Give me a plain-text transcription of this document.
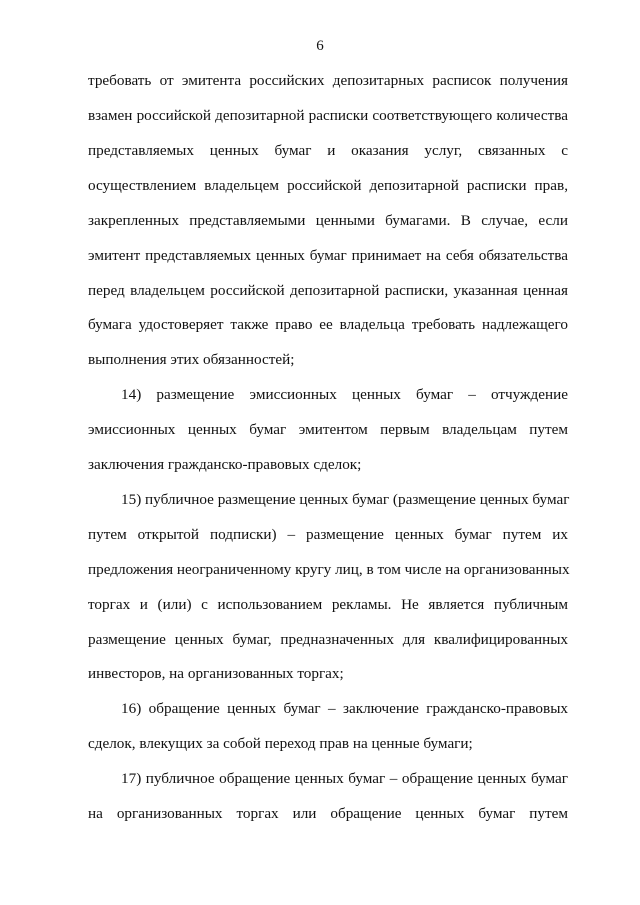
6
требовать от эмитента российских депозитарных расписок получения
взамен российской депозитарной расписки соответствующего количества
представляемых ценных бумаг и оказания услуг, связанных с
осуществлением владельцем российской депозитарной расписки прав,
закрепленных представляемыми ценными бумагами. В случае, если
эмитент представляемых ценных бумаг принимает на себя обязательства
перед владельцем российской депозитарной расписки, указанная ценная
бумага удостоверяет также право ее владельца требовать надлежащего
выполнения этих обязанностей;
14) размещение эмиссионных ценных бумаг – отчуждение
эмиссионных ценных бумаг эмитентом первым владельцам путем
заключения гражданско-правовых сделок;
15) публичное размещение ценных бумаг (размещение ценных бумаг
путем открытой подписки) – размещение ценных бумаг путем их
предложения неограниченному кругу лиц, в том числе на организованных
торгах и (или) с использованием рекламы. Не является публичным
размещение ценных бумаг, предназначенных для квалифицированных
инвесторов, на организованных торгах;
16) обращение ценных бумаг – заключение гражданско-правовых
сделок, влекущих за собой переход прав на ценные бумаги;
17) публичное обращение ценных бумаг – обращение ценных бумаг
на организованных торгах или обращение ценных бумаг путем
